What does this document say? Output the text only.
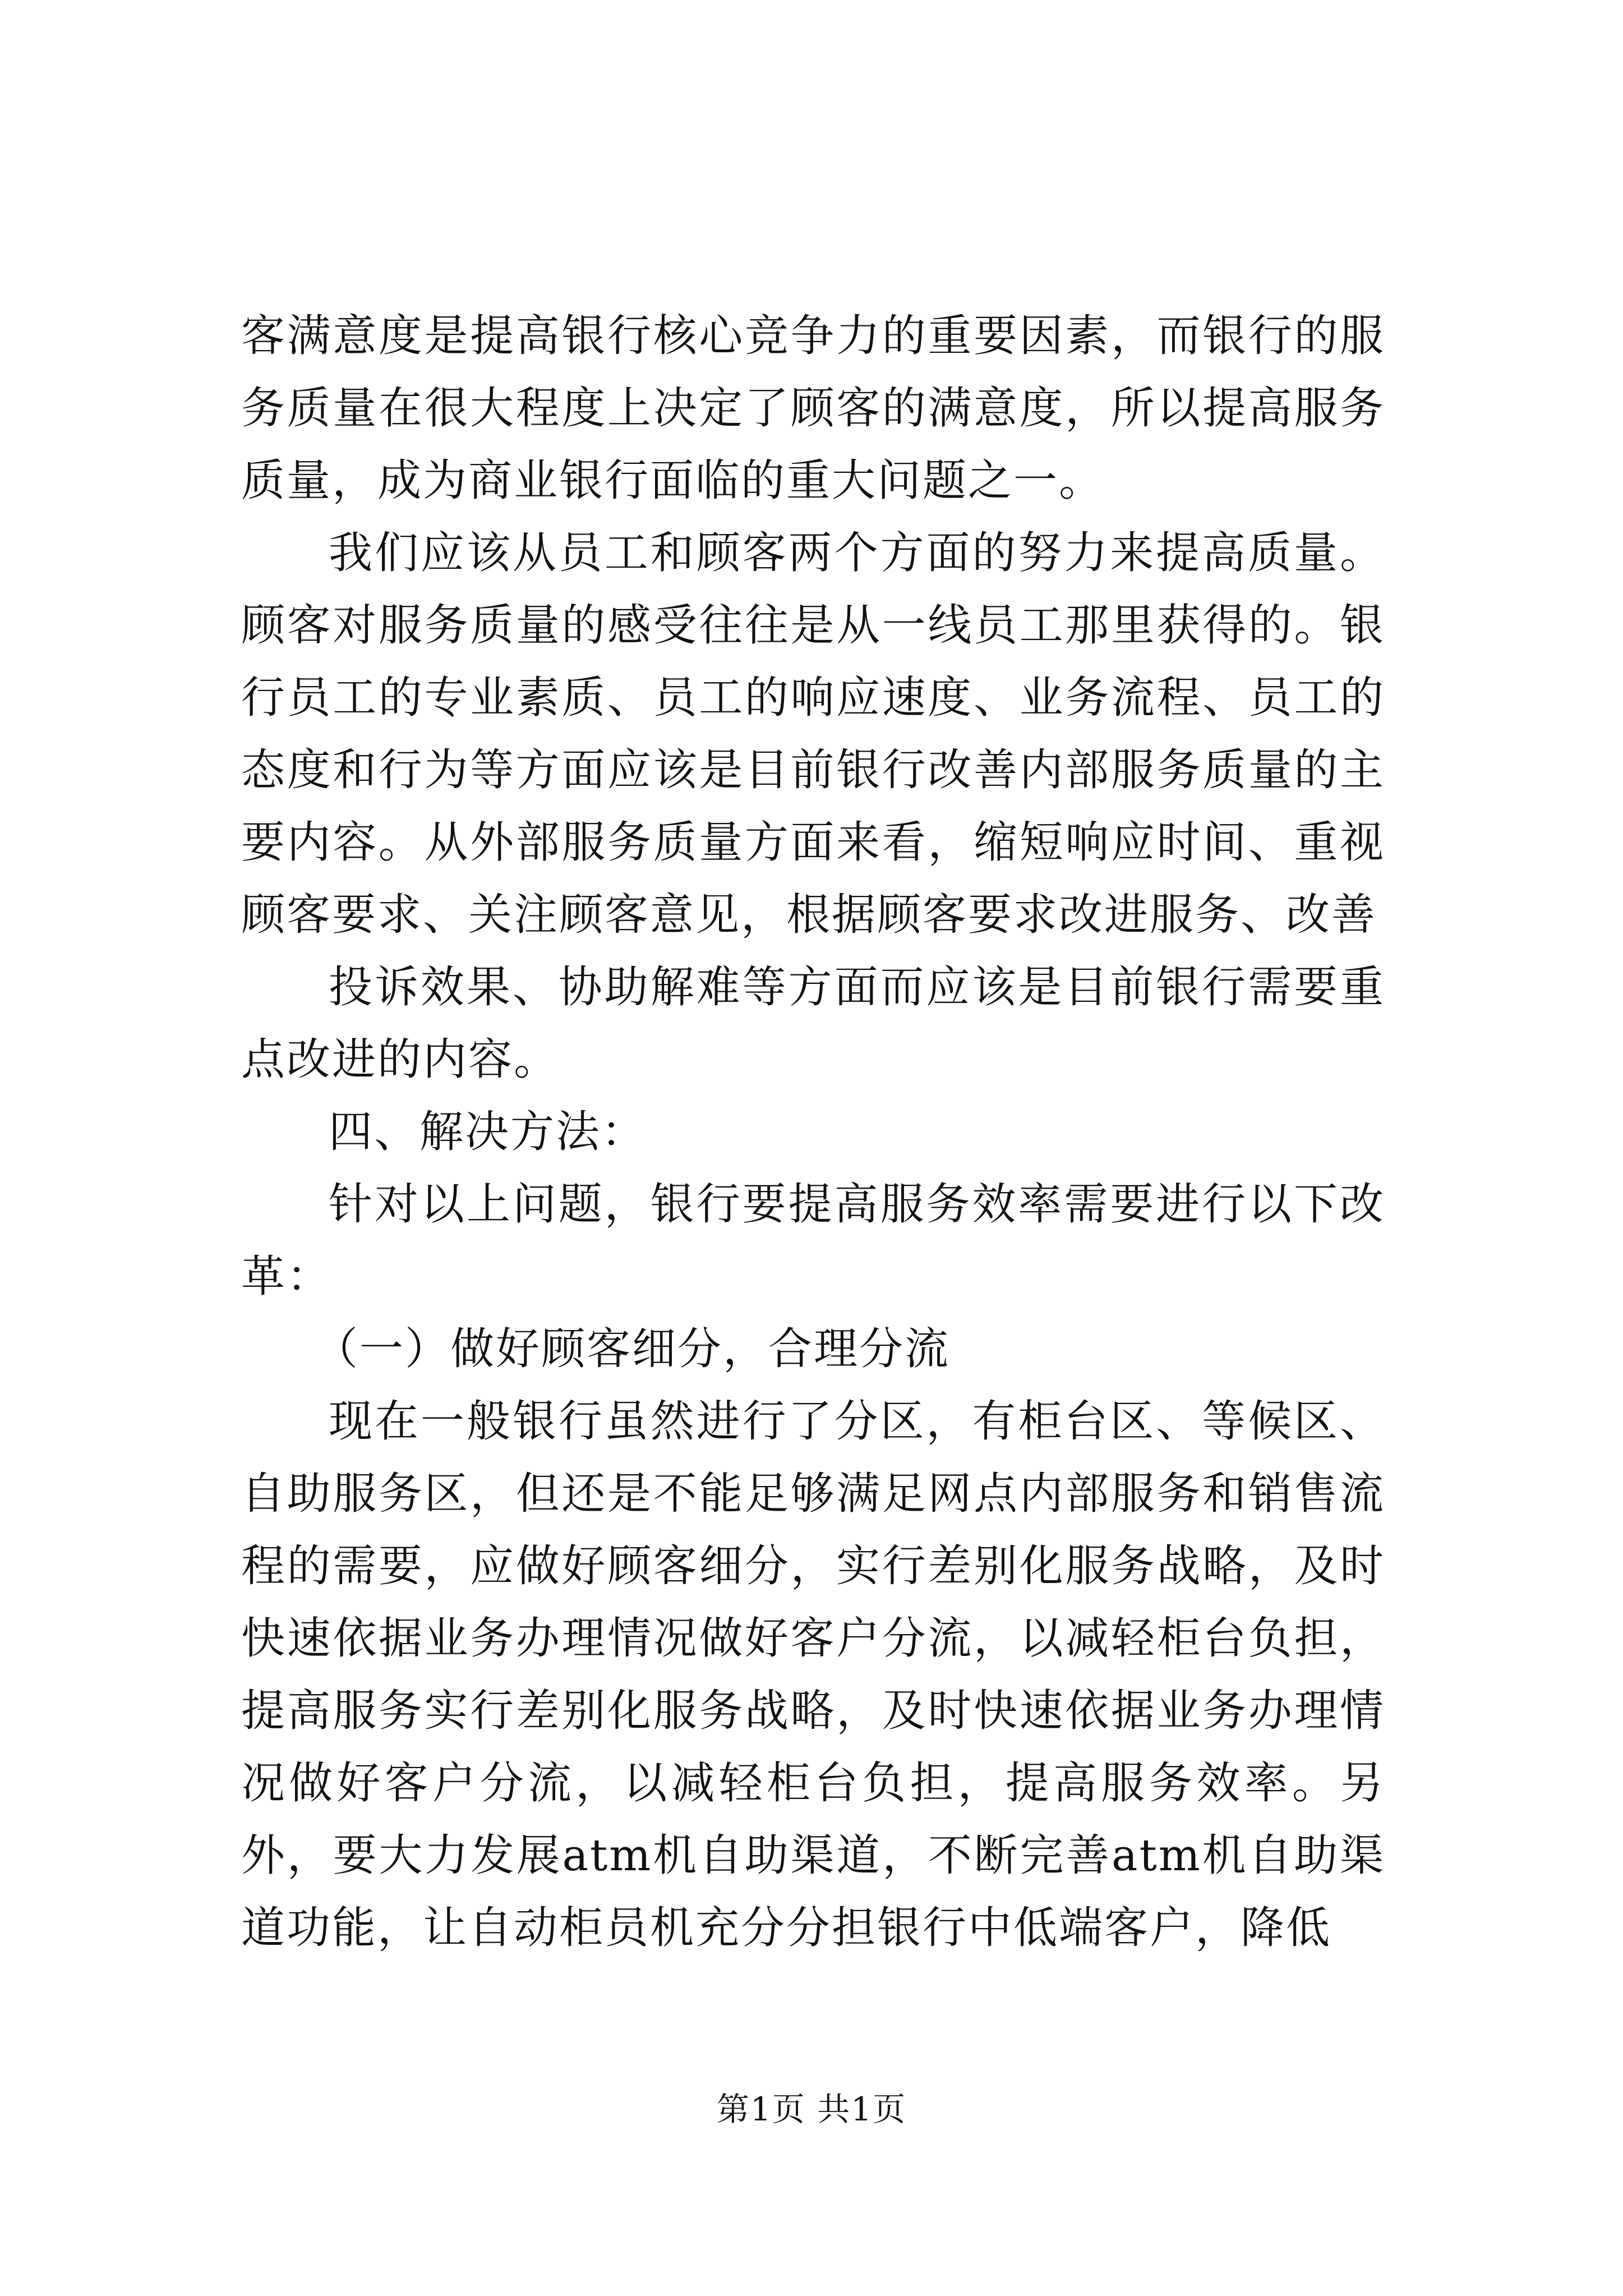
客满意度是提高银行核心竞争力的重要因素，而银行的服务质量在很大程度上决定了顾客的满意度，所以提高服务质量，成为商业银行面临的重大问题之一。

我们应该从员工和顾客两个方面的努力来提高质量。顾客对服务质量的感受往往是从一线员工那里获得的。银行员工的专业素质、员工的响应速度、业务流程、员工的态度和行为等方面应该是目前银行改善内部服务质量的主要内容。从外部服务质量方面来看，缩短响应时间、重视顾客要求、关注顾客意见，根据顾客要求改进服务、改善

投诉效果、协助解难等方面而应该是目前银行需要重点改进的内容。

四、解决方法：

针对以上问题，银行要提高服务效率需要进行以下改革：

（一）做好顾客细分，合理分流

现在一般银行虽然进行了分区，有柜台区、等候区、自助服务区，但还是不能足够满足网点内部服务和销售流程的需要，应做好顾客细分，实行差别化服务战略，及时快速依据业务办理情况做好客户分流，以减轻柜台负担，提高服务实行差别化服务战略，及时快速依据业务办理情况做好客户分流，以减轻柜台负担，提高服务效率。另外，要大力发展atm机自助渠道，不断完善atm机自助渠道功能，让自动柜员机充分分担银行中低端客户，降低

第1页 共1页
